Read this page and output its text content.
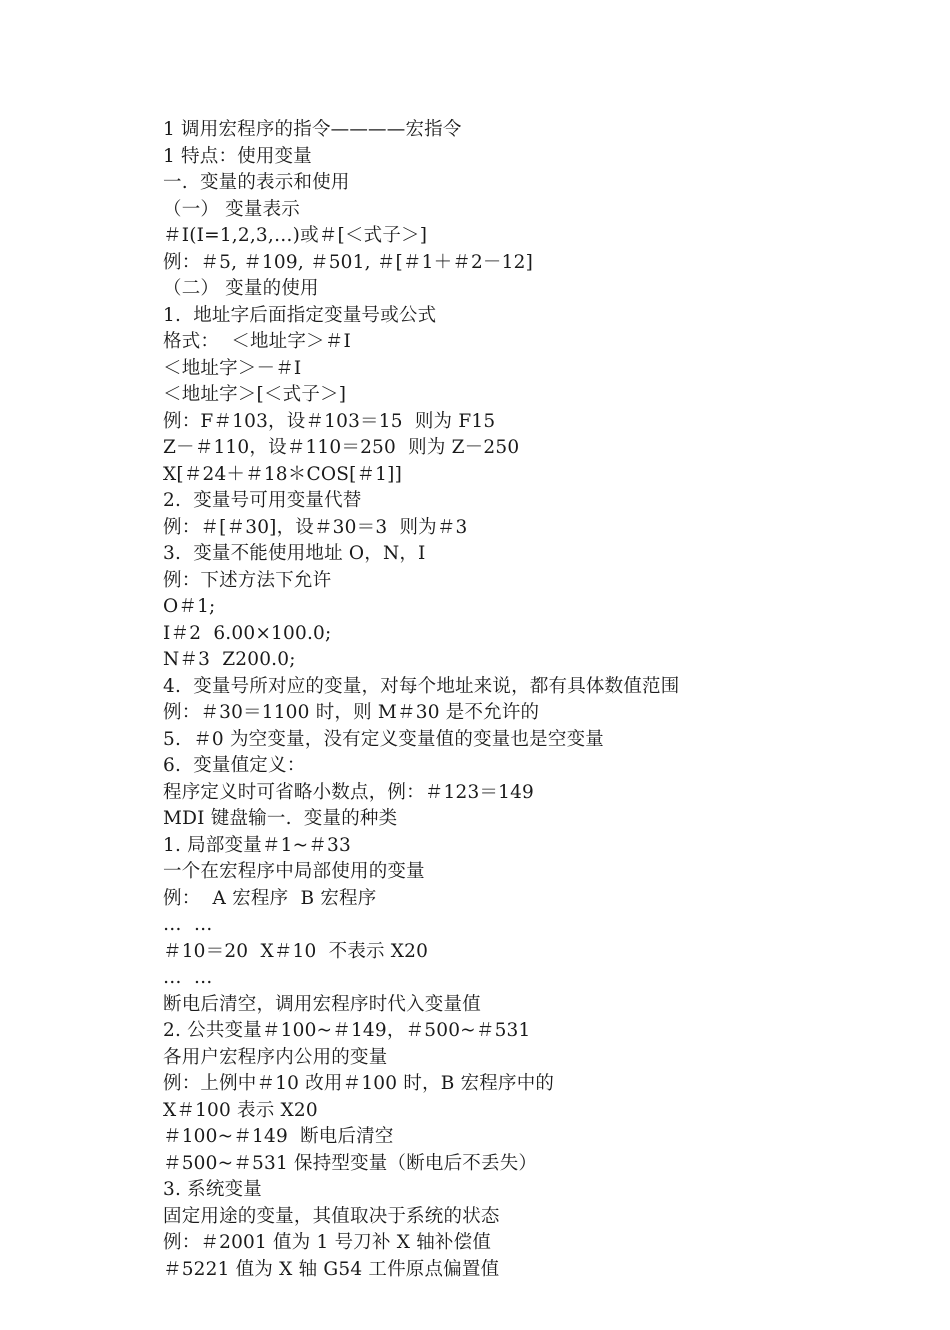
1 调用宏程序的指令————宏指令
1 特点：使用变量
一.  变量的表示和使用
（一） 变量表示
＃I(I=1,2,3,…)或＃[＜式子＞]
例：＃5, ＃109, ＃501, ＃[＃1＋＃2－12]
（二） 变量的使用
1.  地址字后面指定变量号或公式
格式：  ＜地址字＞＃I
＜地址字＞－＃I
＜地址字＞[＜式子＞]
例：F＃103，设＃103＝15  则为 F15
Z－＃110，设＃110＝250  则为 Z－250
X[＃24＋＃18＊COS[＃1]]
2.  变量号可用变量代替
例：＃[＃30]，设＃30＝3  则为＃3
3.  变量不能使用地址 O，N，I
例：下述方法下允许
O＃1;
I＃2  6.00×100.0;
N＃3  Z200.0;
4.  变量号所对应的变量，对每个地址来说，都有具体数值范围
例：＃30＝1100 时，则 M＃30 是不允许的
5.  ＃0 为空变量，没有定义变量值的变量也是空变量
6.  变量值定义：
程序定义时可省略小数点，例：＃123＝149
MDI 键盘输一.  变量的种类
1. 局部变量＃1~＃33
一个在宏程序中局部使用的变量
例：  A 宏程序  B 宏程序
…  …
＃10＝20  X＃10  不表示 X20
…  …
断电后清空，调用宏程序时代入变量值
2. 公共变量＃100~＃149，＃500~＃531
各用户宏程序内公用的变量
例：上例中＃10 改用＃100 时，B 宏程序中的
X＃100 表示 X20
＃100~＃149  断电后清空
＃500~＃531 保持型变量（断电后不丢失）
3. 系统变量
固定用途的变量，其值取决于系统的状态
例：＃2001 值为 1 号刀补 X 轴补偿值
＃5221 值为 X 轴 G54 工件原点偏置值
